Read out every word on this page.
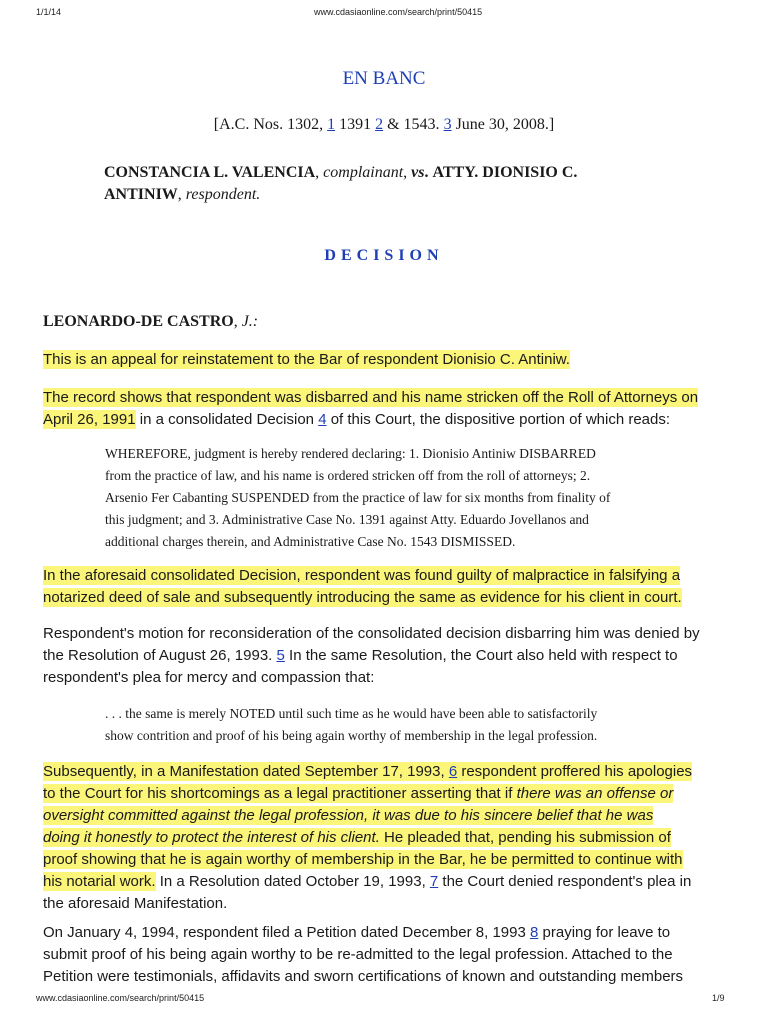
1/1/14	www.cdasiaonline.com/search/print/50415
EN BANC
[A.C. Nos. 1302, 1 1391 2 & 1543. 3 June 30, 2008.]
CONSTANCIA L. VALENCIA, complainant, vs. ATTY. DIONISIO C.
ANTINIW, respondent.
DECISION
LEONARDO-DE CASTRO, J.:
This is an appeal for reinstatement to the Bar of respondent Dionisio C. Antiniw.
The record shows that respondent was disbarred and his name stricken off the Roll of Attorneys on
April 26, 1991 in a consolidated Decision 4 of this Court, the dispositive portion of which reads:
WHEREFORE, judgment is hereby rendered declaring: 1. Dionisio Antiniw DISBARRED
from the practice of law, and his name is ordered stricken off from the roll of attorneys; 2.
Arsenio Fer Cabanting SUSPENDED from the practice of law for six months from finality of
this judgment; and 3. Administrative Case No. 1391 against Atty. Eduardo Jovellanos and
additional charges therein, and Administrative Case No. 1543 DISMISSED.
In the aforesaid consolidated Decision, respondent was found guilty of malpractice in falsifying a
notarized deed of sale and subsequently introducing the same as evidence for his client in court.
Respondent's motion for reconsideration of the consolidated decision disbarring him was denied by
the Resolution of August 26, 1993. 5 In the same Resolution, the Court also held with respect to
respondent's plea for mercy and compassion that:
. . . the same is merely NOTED until such time as he would have been able to satisfactorily
show contrition and proof of his being again worthy of membership in the legal profession.
Subsequently, in a Manifestation dated September 17, 1993, 6 respondent proffered his apologies
to the Court for his shortcomings as a legal practitioner asserting that if there was an offense or
oversight committed against the legal profession, it was due to his sincere belief that he was
doing it honestly to protect the interest of his client. He pleaded that, pending his submission of
proof showing that he is again worthy of membership in the Bar, he be permitted to continue with
his notarial work. In a Resolution dated October 19, 1993, 7 the Court denied respondent's plea in
the aforesaid Manifestation.
On January 4, 1994, respondent filed a Petition dated December 8, 1993 8 praying for leave to
submit proof of his being again worthy to be re-admitted to the legal profession. Attached to the
Petition were testimonials, affidavits and sworn certifications of known and outstanding members
www.cdasiaonline.com/search/print/50415	1/9
